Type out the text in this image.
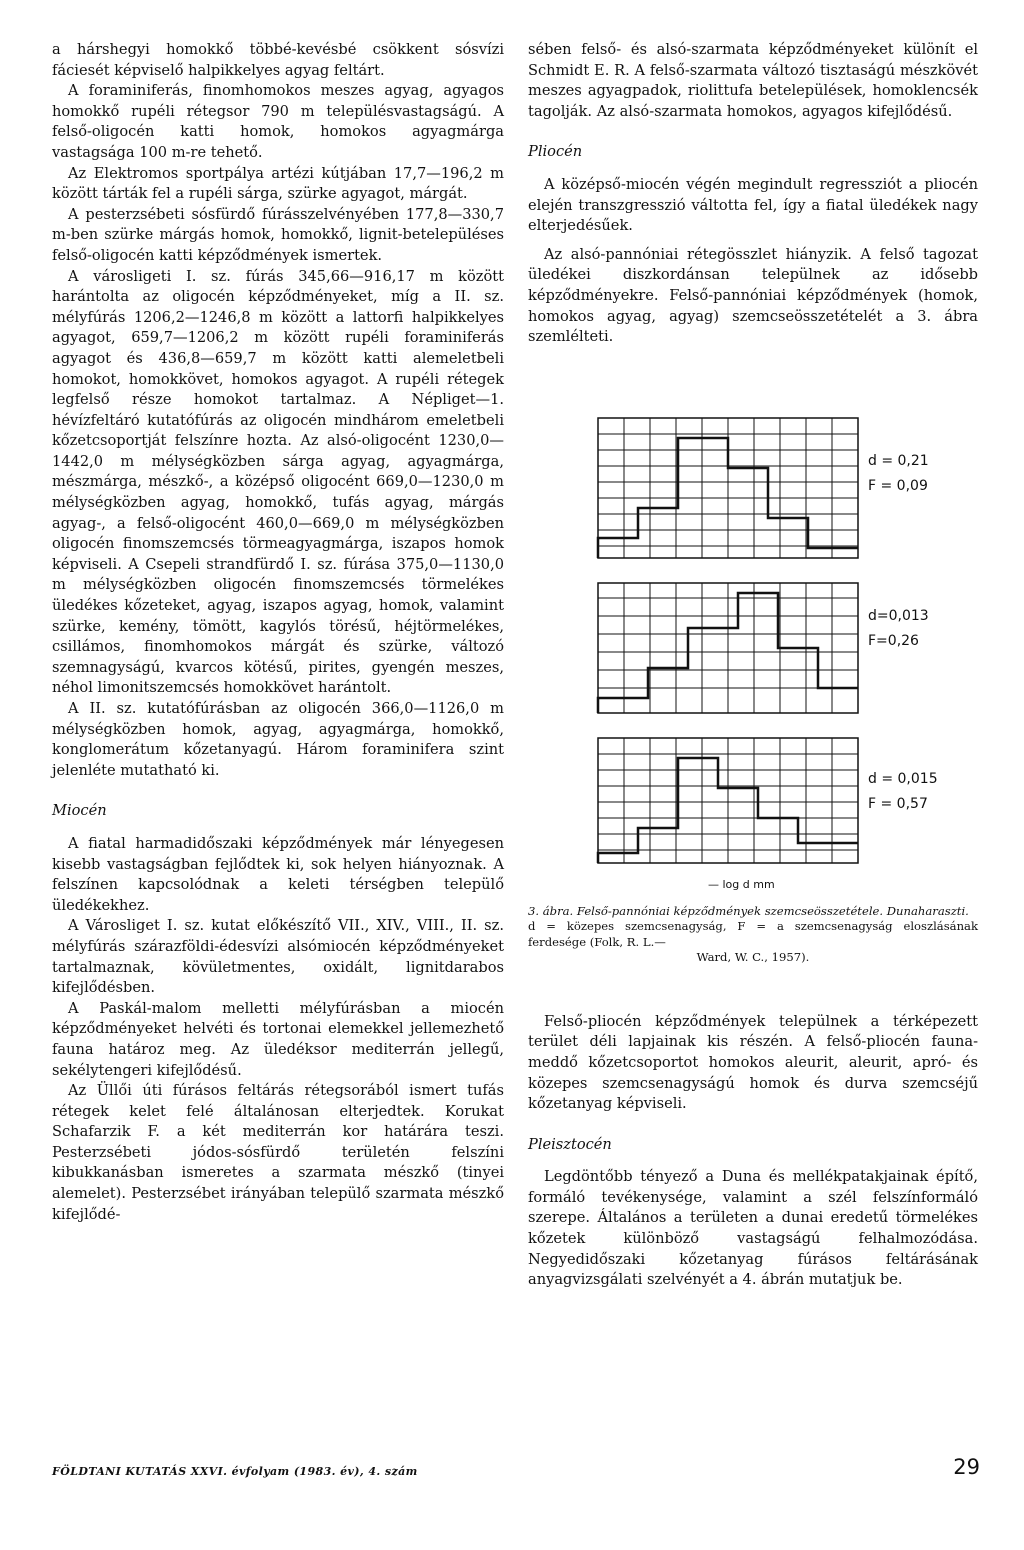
a hárshegyi homokkő többé-kevésbé csökkent sósvízi fáciesét képviselő halpikkelyes agyag feltárt.

A foraminiferás, finomhomokos meszes agyag, agyagos homokkő rupéli rétegsor 790 m településvastagságú. A felső-oligocén katti homok, homokos agyagmárga vastagsága 100 m-re tehető.

Az Elektromos sportpálya artézi kútjában 17,7—196,2 m között tárták fel a rupéli sárga, szürke agyagot, márgát.

A pesterzsébeti sósfürdő fúrásszelvényében 177,8—330,7 m-ben szürke márgás homok, homokkő, lignit-betelepüléses felső-oligocén katti képződmények ismertek.

A városligeti I. sz. fúrás 345,66—916,17 m között harántolta az oligocén képződményeket, míg a II. sz. mélyfúrás 1206,2—1246,8 m között a lattorfi halpikkelyes agyagot, 659,7—1206,2 m között rupéli foraminiferás agyagot és 436,8—659,7 m között katti alemeletbeli homokot, homokkövet, homokos agyagot. A rupéli rétegek legfelső része homokot tartalmaz. A Népliget—1. hévízfeltáró kutatófúrás az oligocén mindhárom emeletbeli kőzetcsoportját felszínre hozta. Az alsó-oligocént 1230,0—1442,0 m mélységközben sárga agyag, agyagmárga, mészmárga, mészkő-, a középső oligocént 669,0—1230,0 m mélységközben agyag, homokkő, tufás agyag, márgás agyag-, a felső-oligocént 460,0—669,0 m mélységközben oligocén finomszemcsés törmeagyagmárga, iszapos homok képviseli. A Csepeli strandfürdő I. sz. fúrása 375,0—1130,0 m mélységközben oligocén finomszemcsés törmelékes üledékes kőzeteket, agyag, iszapos agyag, homok, valamint szürke, kemény, tömött, kagylós törésű, héjtörmelékes, csillámos, finomhomokos márgát és szürke, változó szemnagyságú, kvarcos kötésű, pirites, gyengén meszes, néhol limonitszemcsés homokkövet harántolt.

A II. sz. kutatófúrásban az oligocén 366,0—1126,0 m mélységközben homok, agyag, agyagmárga, homokkő, konglomerátum kőzetanyagú. Három foraminifera szint jelenléte mutatható ki.

Miocén

A fiatal harmadidőszaki képződmények már lényegesen kisebb vastagságban fejlődtek ki, sok helyen hiányoznak. A felszínen kapcsolódnak a keleti térségben települő üledékekhez.

A Városliget I. sz. kutat előkészítő VII., XIV., VIII., II. sz. mélyfúrás szárazföldi-édesvízi alsómiocén képződményeket tartalmaznak, kövületmentes, oxidált, lignitdarabos kifejlődésben.

A Paskál-malom melletti mélyfúrásban a miocén képződményeket helvéti és tortonai elemekkel jellemezhető fauna határoz meg. Az üledéksor mediterrán jellegű, sekélytengeri kifejlődésű.

Az Üllői úti fúrásos feltárás rétegsorából ismert tufás rétegek kelet felé általánosan elterjedtek. Korukat Schafarzik F. a két mediterrán kor határára teszi. Pesterzsébeti jódos-sósfürdő területén felszíni kibukkanásban ismeretes a szarmata mészkő (tinyei alemelet). Pesterzsébet irányában települő szarmata mészkő kifejlődé-

sében felső- és alsó-szarmata képződményeket különít el Schmidt E. R. A felső-szarmata változó tisztaságú mészkövét meszes agyagpadok, riolittufa betelepülések, homoklencsék tagolják. Az alsó-szarmata homokos, agyagos kifejlődésű.

Pliocén

A középső-miocén végén megindult regressziót a pliocén elején transzgresszió váltotta fel, így a fiatal üledékek nagy elterjedésűek.

Az alsó-pannóniai rétegösszlet hiányzik. A felső tagozat üledékei diszkordánsan települnek az idősebb képződményekre. Felső-pannóniai képződmények (homok, homokos agyag, agyag) szemcseösszetételét a 3. ábra szemlélteti.

d = 0,21
F = 0,09
d=0,013
F=0,26
d = 0,015
F = 0,57
— log d mm
3. ábra. Felső-pannóniai képződmények szemcseösszetétele. Dunaharaszti.
d = közepes szemcsenagyság, F = a szemcsenagyság eloszlásának ferdesége (Folk, R. L.—
Ward, W. C., 1957).

Felső-pliocén képződmények települnek a térképezett terület déli lapjainak kis részén. A felső-pliocén fauna-meddő kőzetcsoportot homokos aleurit, aleurit, apró- és közepes szemcsenagyságú homok és durva szemcséjű kőzetanyag képviseli.

Pleisztocén

Legdöntőbb tényező a Duna és mellékpatakjainak építő, formáló tevékenysége, valamint a szél felszínformáló szerepe. Általános a területen a dunai eredetű törmelékes kőzetek különböző vastagságú felhalmozódása. Negyedidőszaki kőzetanyag fúrásos feltárásának anyagvizsgálati szelvényét a 4. ábrán mutatjuk be.

FÖLDTANI KUTATÁS XXVI. évfolyam (1983. év), 4. szám	29
